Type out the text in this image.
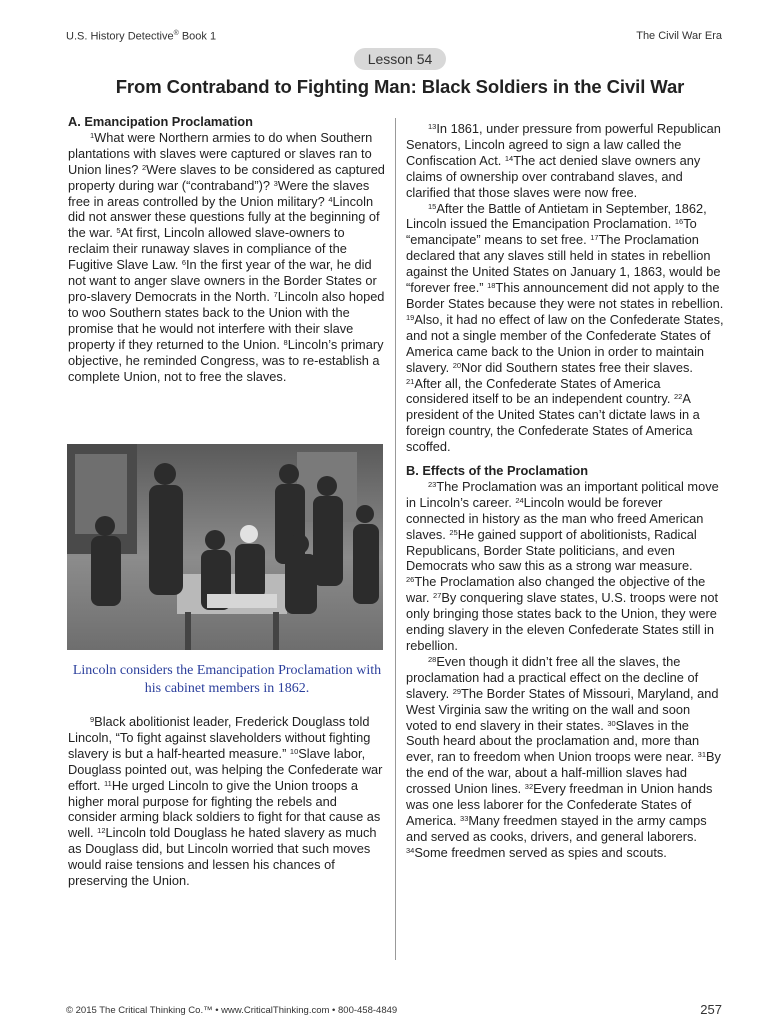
U.S. History Detective® Book 1	The Civil War Era
Lesson 54
From Contraband to Fighting Man: Black Soldiers in the Civil War

A. Emancipation Proclamation

$^1$What were Northern armies to do when Southern plantations with slaves were captured or slaves ran to Union lines? $^2$Were slaves to be considered as captured property during war (“contraband”)? $^3$Were the slaves free in areas controlled by the Union military? $^4$Lincoln did not answer these questions fully at the beginning of the war. $^5$At first, Lincoln allowed slave-owners to reclaim their runaway slaves in compliance of the Fugitive Slave Law. $^6$In the first year of the war, he did not want to anger slave owners in the Border States or pro-slavery Democrats in the North. $^7$Lincoln also hoped to woo Southern states back to the Union with the promise that he would not interfere with their slave property if they returned to the Union. $^8$Lincoln’s primary objective, he reminded Congress, was to re-establish a complete Union, not to free the slaves.

Lincoln considers the Emancipation Proclamation with his cabinet members in 1862.

$^9$Black abolitionist leader, Frederick Douglass told Lincoln, “To fight against slaveholders without fighting slavery is but a half-hearted measure.” $^{10}$Slave labor, Douglass pointed out, was helping the Confederate war effort. $^{11}$He urged Lincoln to give the Union troops a higher moral purpose for fighting the rebels and consider arming black soldiers to fight for that cause as well. $^{12}$Lincoln told Douglass he hated slavery as much as Douglass did, but Lincoln worried that such moves would raise tensions and lessen his chances of preserving the Union.

$^{13}$In 1861, under pressure from powerful Republican Senators, Lincoln agreed to sign a law called the Confiscation Act. $^{14}$The act denied slave owners any claims of ownership over contraband slaves, and clarified that those slaves were now free.

$^{15}$After the Battle of Antietam in September, 1862, Lincoln issued the Emancipation Proclamation. $^{16}$To “emancipate” means to set free. $^{17}$The Proclamation declared that any slaves still held in states in rebellion against the United States on January 1, 1863, would be “forever free.” $^{18}$This announcement did not apply to the Border States because they were not states in rebellion. $^{19}$Also, it had no effect of law on the Confederate States, and not a single member of the Confederate States of America came back to the Union in order to maintain slavery. $^{20}$Nor did Southern states free their slaves. $^{21}$After all, the Confederate States of America considered itself to be an independent country. $^{22}$A president of the United States can’t dictate laws in a foreign country, the Confederate States of America scoffed.

B. Effects of the Proclamation

$^{23}$The Proclamation was an important political move in Lincoln’s career. $^{24}$Lincoln would be forever connected in history as the man who freed American slaves. $^{25}$He gained support of abolitionists, Radical Republicans, Border State politicians, and even Democrats who saw this as a strong war measure. $^{26}$The Proclamation also changed the objective of the war. $^{27}$By conquering slave states, U.S. troops were not only bringing those states back to the Union, they were ending slavery in the eleven Confederate States still in rebellion.

$^{28}$Even though it didn’t free all the slaves, the proclamation had a practical effect on the decline of slavery. $^{29}$The Border States of Missouri, Maryland, and West Virginia saw the writing on the wall and soon voted to end slavery in their states. $^{30}$Slaves in the South heard about the proclamation and, more than ever, ran to freedom when Union troops were near. $^{31}$By the end of the war, about a half-million slaves had crossed Union lines. $^{32}$Every freedman in Union hands was one less laborer for the Confederate States of America. $^{33}$Many freedmen stayed in the army camps and served as cooks, drivers, and general laborers. $^{34}$Some freedmen served as spies and scouts.

© 2015 The Critical Thinking Co.™ • www.CriticalThinking.com • 800-458-4849	257
